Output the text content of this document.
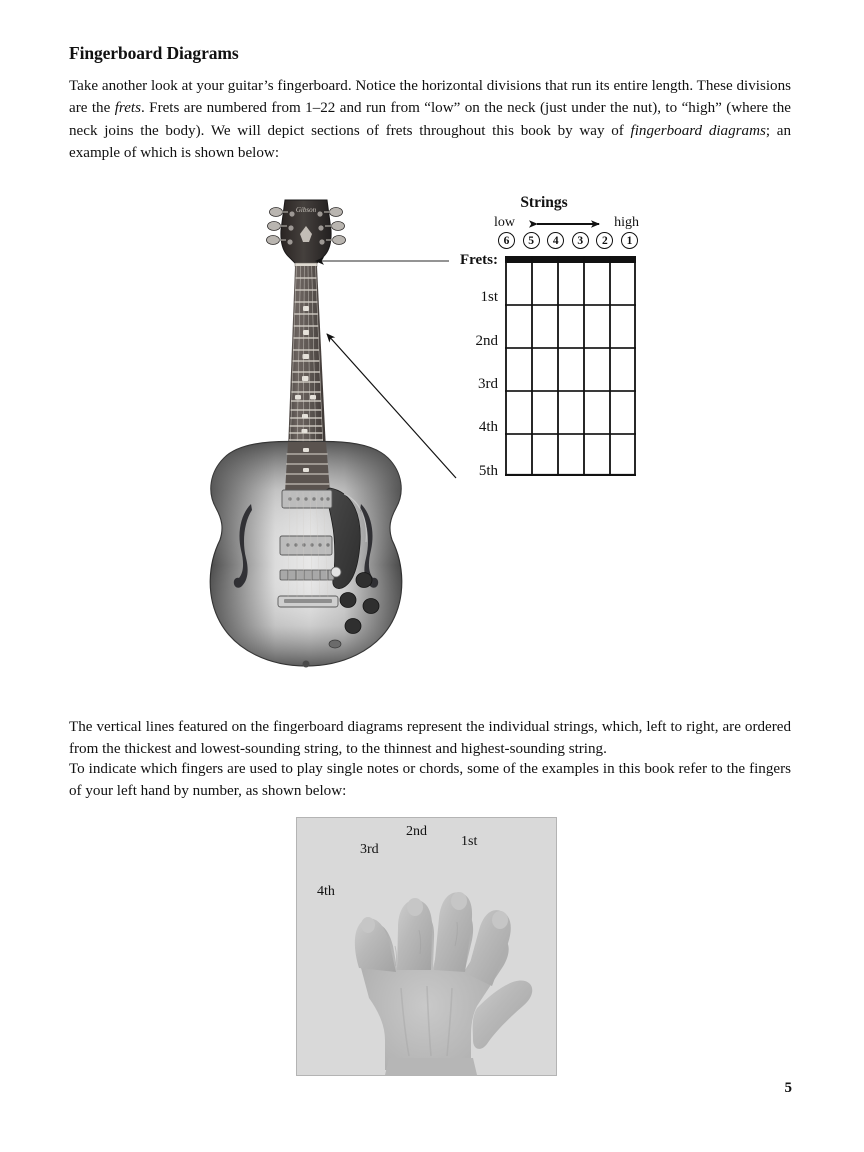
Fingerboard Diagrams
Take another look at your guitar’s fingerboard. Notice the horizontal divisions that run its entire length. These divisions are the frets. Frets are numbered from 1–22 and run from “low” on the neck (just under the nut), to “high” (where the neck joins the body). We will depict sections of frets throughout this book by way of fingerboard diagrams; an example of which is shown below:
Gibson	Strings
low	high
6	5	4	3	2	1
Frets:
1st
2nd
3rd
4th
5th
The vertical lines featured on the fingerboard diagrams represent the individual strings, which, left to right, are ordered from the thickest and lowest-sounding string, to the thinnest and highest-sounding string.
To indicate which fingers are used to play single notes or chords, some of the examples in this book refer to the fingers of your left hand by number, as shown below:
4th
3rd
2nd
1st
5
